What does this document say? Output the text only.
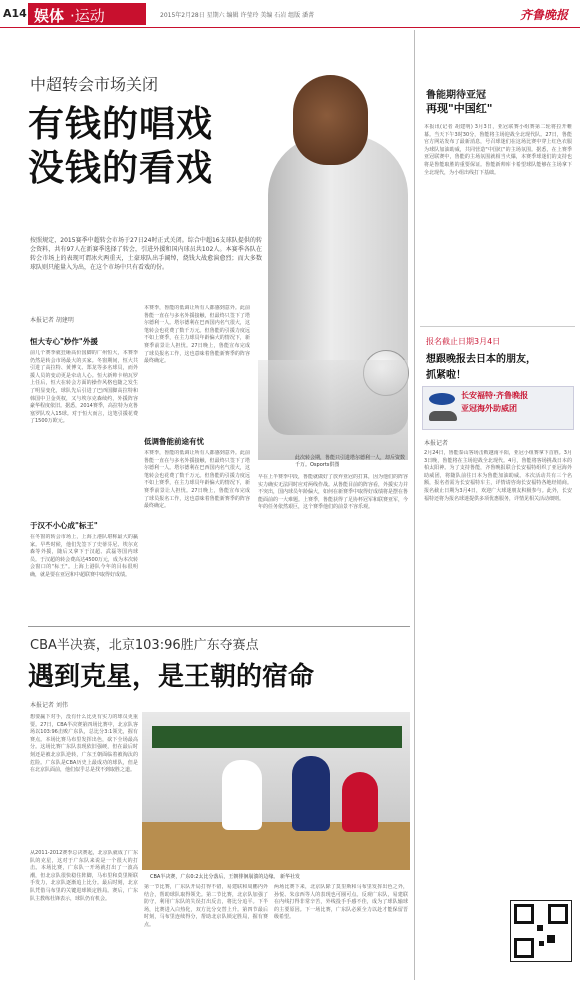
A14 娱体 ·运动	2015年2月28日 星期六 编辑 许莹玲 美编 石岩 组版 潘菁	齐鲁晚报
中超转会市场关闭
有钱的唱戏
没钱的看戏
按照规定，2015赛季中超转会市场于27日24时正式关闭。综合中超16支球队提供的转会资料，共有97人在新赛季选择了转会，引进外援和国内球员共102人。本赛季各队在转会市场上的表现可谓冰火两重天，土豪球队出手阔绰，烧钱大战愈演愈烈；而大多数球队则只能量入为出，在这个市场中只有看戏的份。
此次转会期，鲁能只引进塔尔德利一人，却斥资数千万。Osports供图
本报记者 胡建明
恒大专心"炒作"外援
前几个赛季就狂砸高价国脚的广州恒大，本赛季仍然是转会市场最大的买家。冬窗期间，恒大共引进了高拉特、黄博文、郑龙等多名球员，而外援人员的变动更是牵动人心。恒大新帅卡纳瓦罗上任后，恒大在转会方面的操作风格也随之发生了明显变化，球队先后引进了巴西国脚高拉特和韩国中卫金英权，又与埃尔克森续约，外援阵容豪华程度依旧。据悉，2014赛季，高拉特为克鲁塞罗队攻入15球。对于恒大而言，这笔引援花费了1500万欧元。
于汉不小心成"标王"
在冬窗的转会市场上，上海上港队堪称最大的赢家。早些时候，他们先签下了史蒂芬尼、埃尔克森等外援，随后又拿下于汉超、武磊等国内球员。于汉超的转会费高达4500万元，成为本次转会窗口的"标王"。上海上港队今年的目标很明确，就是要在亚冠和中超联赛中取得好成绩。
本赛季，鲁能的低调让所有人都感到意外。此前鲁能一直在与多名外援接触，但最终只签下了塔尔德利一人。塔尔德利在巴西国内名气很大，这笔转会也花费了数千万元。但鲁能的引援力度远不如上赛季，在主力球员年龄偏大的情况下，新赛季前景让人担忧。27日晚上，鲁能宣布完成了球员报名工作，这也意味着鲁能新赛季的阵容最终确定。
低调鲁能前途有忧
本赛季，鲁能的低调让所有人都感到意外。此前鲁能一直在与多名外援接触，但最终只签下了塔尔德利一人。塔尔德利在巴西国内名气很大，这笔转会也花费了数千万元。但鲁能的引援力度远不如上赛季，在主力球员年龄偏大的情况下，新赛季前景让人担忧。27日晚上，鲁能宣布完成了球员报名工作，这也意味着鲁能新赛季的阵容最终确定。
早在上半赛季中段，鲁能就做好了放弃亚冠的打算，因为他们的阵容实力确实无法同时应对两线作战。从鲁能目前的阵容看，外援实力并不突出，国内球员年龄偏大，如何在新赛季中取得好成绩将是摆在鲁能面前的一大难题。上赛季，鲁能获得了足协杯冠军和联赛亚军，今年的任务依然艰巨，这个赛季他们的前景不容乐观。
鲁能期待亚冠
再现"中国红"
本报讯(记者 胡建明) 3月3日，亚冠联赛小组赛第二轮将拉开帷幕。当天下午3时30分，鲁能将主场迎战全北现代队。27日，鲁能官方网站发布了最新消息，号召球迷们在这场比赛中穿上红色衣服为球队加油助威，共同营造"中国红"的主场氛围。据悉，在上赛季亚冠联赛中，鲁能的主场氛围就相当火爆，本赛季球迷们的支持也将是鲁能取胜的重要保证。鲁能新帅库卡希望球队能够在主场拿下全北现代，为小组出线打下基础。
报名截止日期3月4日
想跟晚报去日本的朋友，
抓紧啦！
长安福特·齐鲁晚报
亚冠海外助威团
本报记者
2月24日，鲁能泰山客场击败越南平阳，亚冠小组赛拿下首胜。3月3日晚，鲁能将在主场迎战全北现代。4月，鲁能将客场挑战日本的柏太阳神。为了支持鲁能，齐鲁晚报联合长安福特组织了亚冠海外助威团，将随队前往日本为鲁能加油助威。本次活动共有三个名额，报名者需为长安福特车主，详情请咨询长安福特各地经销商。报名截止日期为3月4日，欢迎广大球迷朋友积极参与。此外，长安福特还将为报名球迷提供多项优惠服务，详情见相关活动细则。
CBA半决赛，北京103:96胜广东夺赛点
遇到克星，是王朝的宿命
本报记者 刘伟
想要赢下对手，没有什么比更有实力的球员更重要。27日，CBA半决赛第四场比赛中，北京队客场以103:96击败广东队，总比分3:1领先，握有赛点。本场比赛马布里发挥出色，砍下全场最高分。这场比赛广东队表现依旧强硬，但在最后时刻还是被北京队逆转，广东王朝面临着被淘汰的危险。广东队是CBA历史上最成功的球队，但是在北京队面前，他们似乎总是找不到取胜之道。
从2011-2012赛季总决赛起，北京队就成了广东队的克星，这对于广东队来说是一个很大的打击。本场比赛，广东队一开场就打出了一波高潮，但北京队很快稳住阵脚，马布里和莫里斯联手发力，北京队逐渐追上比分。最后时刻，北京队凭借马布里的关键进球锁定胜局。赛后，广东队主教练杜锋表示，球队仍有机会。
CBA半决赛，广东0:2太比分落后，王朝徘徊崩溃的边缘。 新华社发
第一节比赛，广东队开局打得不错，易建联和周鹏内外结合，帮助球队取得领先。第二节比赛，北京队加强了防守，利用广东队的失误打出反击，将比分追平。下半场，比赛进入白热化，双方比分交替上升。第四节最后时刻，马布里连续得分，帮助北京队锁定胜局，握有赛点。
两场比赛下来，北京队除了莫里斯和马布里发挥出色之外，孙悦、朱彦西等人的表现也可圈可点。反观广东队，易建联在内线打得非常辛苦，外线投手手感不佳，成为了球队输球的主要原因。下一场比赛，广东队必须全力以赴才能保留晋级希望。
